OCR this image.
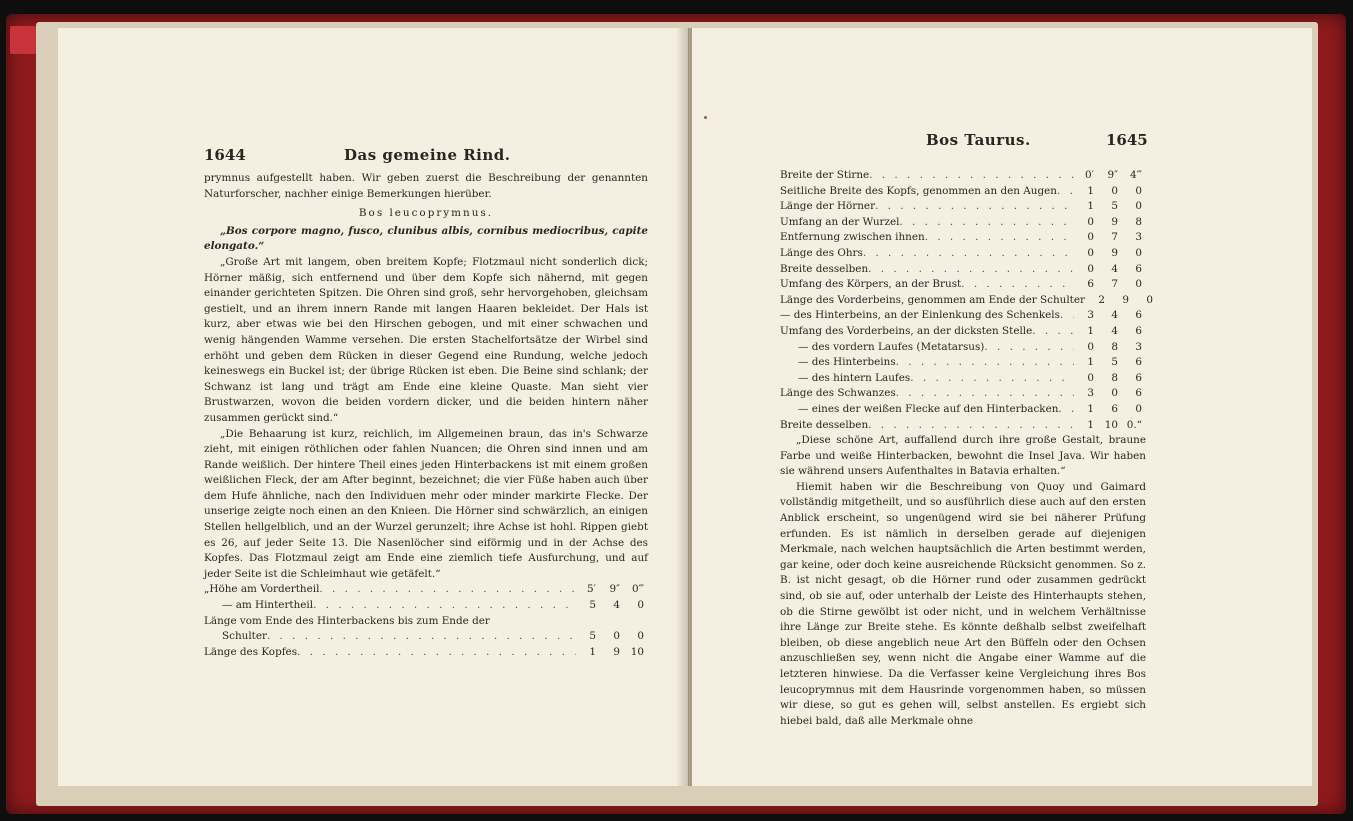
1644	Das gemeine Rind.

prymnus aufgestellt haben. Wir geben zuerst die Beschreibung der genannten Naturforscher, nachher einige Bemerkungen hierüber.

Bos leucoprymnus.

„Bos corpore magno, fusco, clunibus albis, cornibus mediocribus, capite elongato.“

„Große Art mit langem, oben breitem Kopfe; Flotzmaul nicht sonderlich dick; Hörner mäßig, sich entfernend und über dem Kopfe sich nähernd, mit gegen einander gerichteten Spitzen. Die Ohren sind groß, sehr hervorgehoben, gleichsam gestielt, und an ihrem innern Rande mit langen Haaren bekleidet. Der Hals ist kurz, aber etwas wie bei den Hirschen gebogen, und mit einer schwachen und wenig hängenden Wamme versehen. Die ersten Stachelfortsätze der Wirbel sind erhöht und geben dem Rücken in dieser Gegend eine Rundung, welche jedoch keineswegs ein Buckel ist; der übrige Rücken ist eben. Die Beine sind schlank; der Schwanz ist lang und trägt am Ende eine kleine Quaste. Man sieht vier Brustwarzen, wovon die beiden vordern dicker, und die beiden hintern näher zusammen gerückt sind.“

„Die Behaarung ist kurz, reichlich, im Allgemeinen braun, das in's Schwarze zieht, mit einigen röthlichen oder fahlen Nuancen; die Ohren sind innen und am Rande weißlich. Der hintere Theil eines jeden Hinterbackens ist mit einem großen weißlichen Fleck, der am After beginnt, bezeichnet; die vier Füße haben auch über dem Hufe ähnliche, nach den Individuen mehr oder minder markirte Flecke. Der unserige zeigte noch einen an den Knieen. Die Hörner sind schwärzlich, an einigen Stellen hellgelblich, und an der Wurzel gerunzelt; ihre Achse ist hohl. Rippen giebt es 26, auf jeder Seite 13. Die Nasenlöcher sind eiförmig und in der Achse des Kopfes. Das Flotzmaul zeigt am Ende eine ziemlich tiefe Ausfurchung, und auf jeder Seite ist die Schleimhaut wie getäfelt.“

„Höhe am Vordertheil . . .	5′	9″	0‴
— am Hintertheil . . .	5	4	0
Länge vom Ende des Hinterbackens bis zum Ende der
Schulter . . .	5	0	0
Länge des Kopfes . . .	1	9	10
Bos Taurus.	1645
Breite der Stirne . . .	0′	9″	4‴
Seitliche Breite des Kopfs, genommen an den Augen . . .	1	0	0
Länge der Hörner . . .	1	5	0
Umfang an der Wurzel . . .	0	9	8
Entfernung zwischen ihnen . . .	0	7	3
Länge des Ohrs . . .	0	9	0
Breite desselben . . .	0	4	6
Umfang des Körpers, an der Brust . . .	6	7	0
Länge des Vorderbeins, genommen am Ende der Schulter	2	9	0
— des Hinterbeins, an der Einlenkung des Schenkels . . .	3	4	6
Umfang des Vorderbeins, an der dicksten Stelle . . .	1	4	6
— des vordern Laufes (Metatarsus) . . .	0	8	3
— des Hinterbeins . . .	1	5	6
— des hintern Laufes . . .	0	8	6
Länge des Schwanzes . . .	3	0	6
— eines der weißen Flecke auf den Hinterbacken . . .	1	6	0
Breite desselben . . .	1	10 0.“

„Diese schöne Art, auffallend durch ihre große Gestalt, braune Farbe und weiße Hinterbacken, bewohnt die Insel Java. Wir haben sie während unsers Aufenthaltes in Batavia erhalten.“

Hiemit haben wir die Beschreibung von Quoy und Gaimard vollständig mitgetheilt, und so ausführlich diese auch auf den ersten Anblick erscheint, so ungenügend wird sie bei näherer Prüfung erfunden. Es ist nämlich in derselben gerade auf diejenigen Merkmale, nach welchen hauptsächlich die Arten bestimmt werden, gar keine, oder doch keine ausreichende Rücksicht genommen. So z. B. ist nicht gesagt, ob die Hörner rund oder zusammen gedrückt sind, ob sie auf, oder unterhalb der Leiste des Hinterhaupts stehen, ob die Stirne gewölbt ist oder nicht, und in welchem Verhältnisse ihre Länge zur Breite stehe. Es könnte deßhalb selbst zweifelhaft bleiben, ob diese angeblich neue Art den Büffeln oder den Ochsen anzuschließen sey, wenn nicht die Angabe einer Wamme auf die letzteren hinwiese. Da die Verfasser keine Vergleichung ihres Bos leucoprymnus mit dem Hausrinde vorgenommen haben, so müssen wir diese, so gut es gehen will, selbst anstellen. Es ergiebt sich hiebei bald, daß alle Merkmale ohne
